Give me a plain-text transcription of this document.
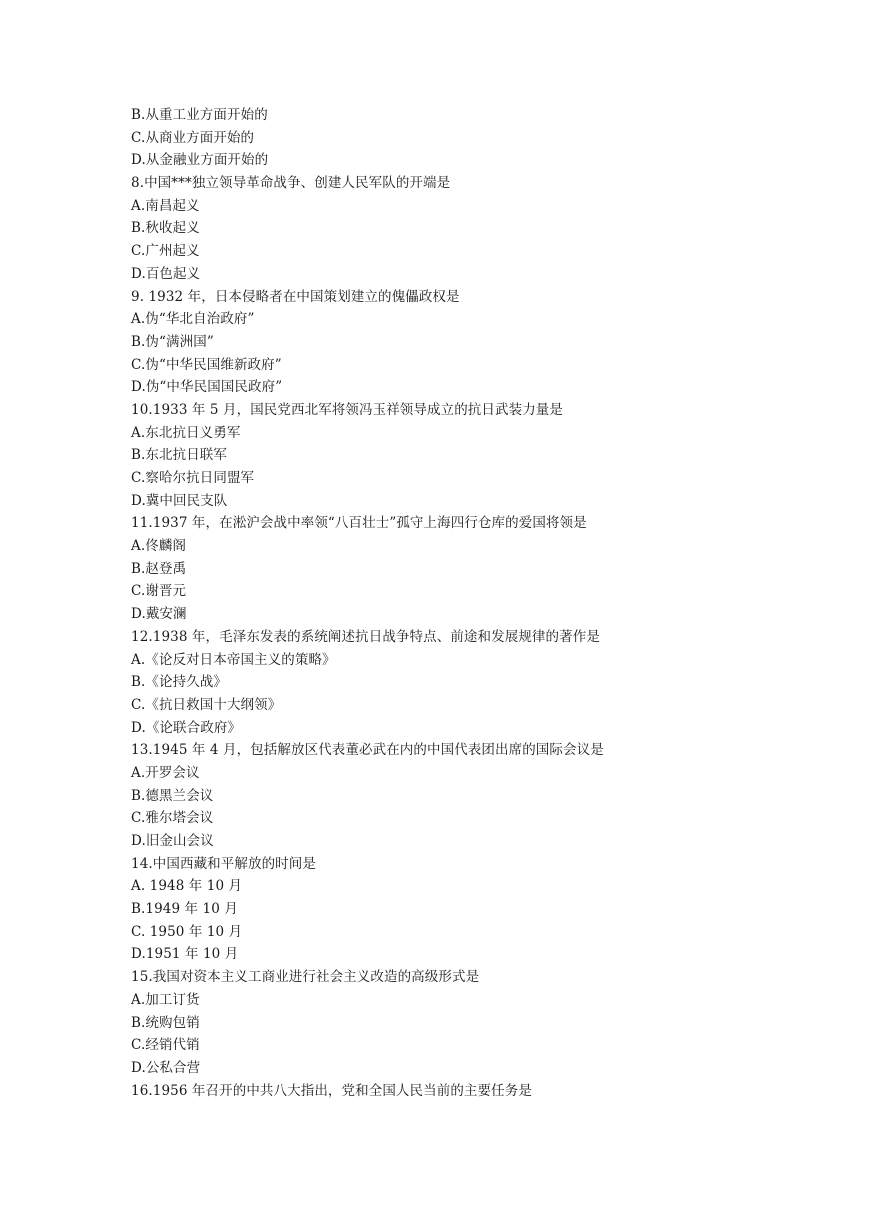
B.从重工业方面开始的
C.从商业方面开始的
D.从金融业方面开始的
8.中国***独立领导革命战争、创建人民军队的开端是
A.南昌起义
B.秋收起义
C.广州起义
D.百色起义
9. 1932 年，日本侵略者在中国策划建立的傀儡政权是
A.伪“华北自治政府”
B.伪“满洲国”
C.伪“中华民国维新政府”
D.伪“中华民国国民政府”
10.1933 年 5 月，国民党西北军将领冯玉祥领导成立的抗日武装力量是
A.东北抗日义勇军
B.东北抗日联军
C.察哈尔抗日同盟军
D.冀中回民支队
11.1937 年，在淞沪会战中率领“八百壮士”孤守上海四行仓库的爱国将领是
A.佟麟阁
B.赵登禹
C.谢晋元
D.戴安澜
12.1938 年，毛泽东发表的系统阐述抗日战争特点、前途和发展规律的著作是
A.《论反对日本帝国主义的策略》
B.《论持久战》
C.《抗日救国十大纲领》
D.《论联合政府》
13.1945 年 4 月，包括解放区代表董必武在内的中国代表团出席的国际会议是
A.开罗会议
B.德黑兰会议
C.雅尔塔会议
D.旧金山会议
14.中国西藏和平解放的时间是
A. 1948 年 10 月
B.1949 年 10 月
C. 1950 年 10 月
D.1951 年 10 月
15.我国对资本主义工商业进行社会主义改造的高级形式是
A.加工订货
B.统购包销
C.经销代销
D.公私合营
16.1956 年召开的中共八大指出，党和全国人民当前的主要任务是
